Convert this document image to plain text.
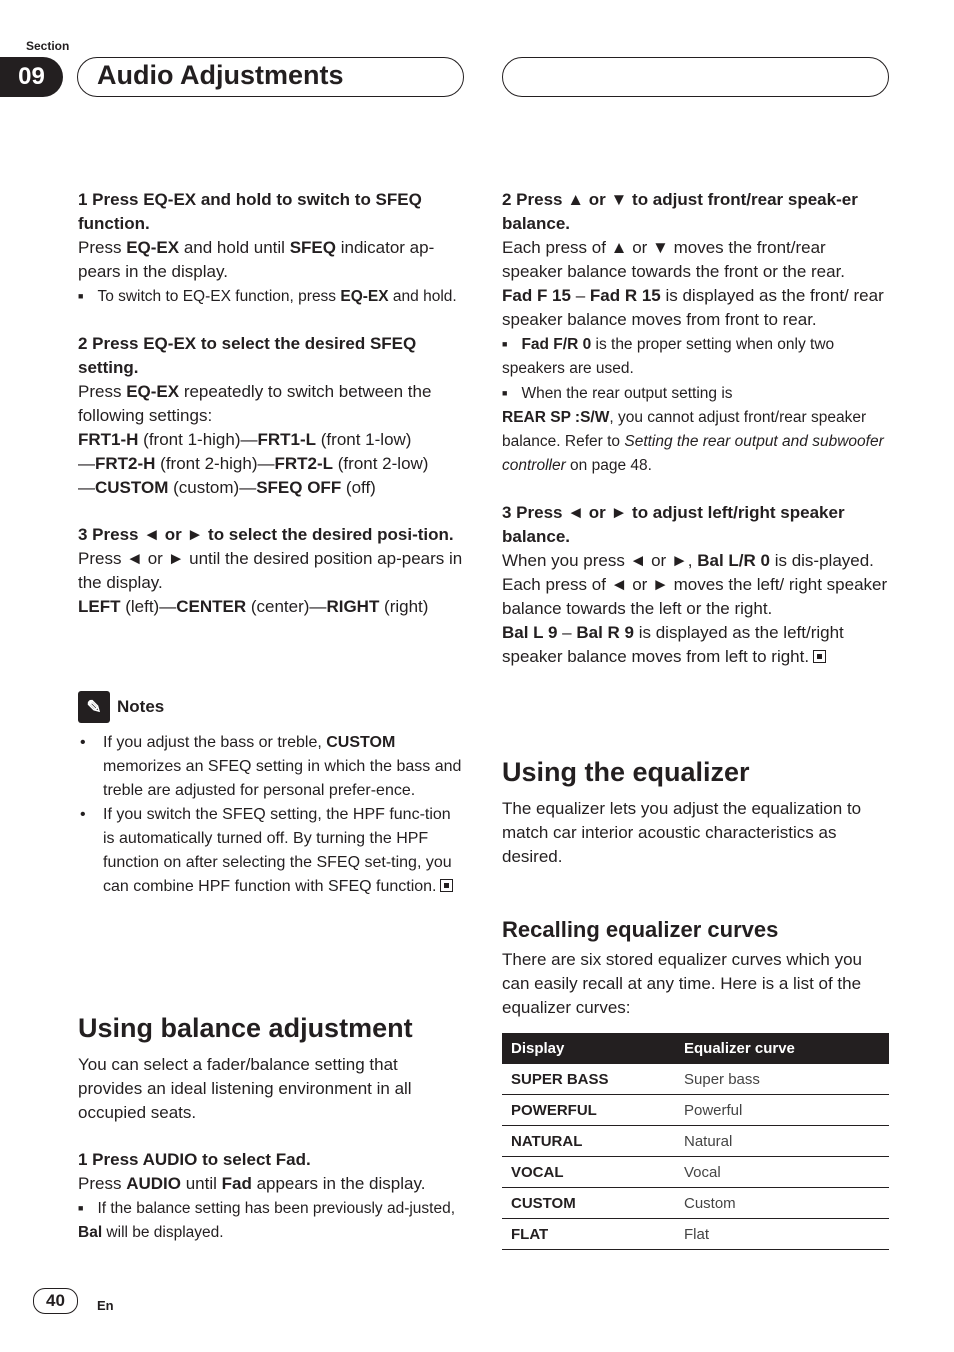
Section
09	Audio Adjustments

1 Press EQ-EX and hold to switch to SFEQ function.

Press EQ-EX and hold until SFEQ indicator ap-pears in the display.

■ To switch to EQ-EX function, press EQ-EX and hold.

2 Press EQ-EX to select the desired SFEQ setting.

Press EQ-EX repeatedly to switch between the following settings:

FRT1-H (front 1-high)—FRT1-L (front 1-low)

—FRT2-H (front 2-high)—FRT2-L (front 2-low)

—CUSTOM (custom)—SFEQ OFF (off)

3 Press ◄ or ► to select the desired posi-tion.

Press ◄ or ► until the desired position ap-pears in the display.

LEFT (left)—CENTER (center)—RIGHT (right)

✎ Notes
• If you adjust the bass or treble, CUSTOM memorizes an SFEQ setting in which the bass and treble are adjusted for personal prefer-ence.
• If you switch the SFEQ setting, the HPF func-tion is automatically turned off. By turning the HPF function on after selecting the SFEQ set-ting, you can combine HPF function with SFEQ function.
Using balance adjustment

You can select a fader/balance setting that provides an ideal listening environment in all occupied seats.

1 Press AUDIO to select Fad.

Press AUDIO until Fad appears in the display.

■ If the balance setting has been previously ad-justed, Bal will be displayed.

2 Press ▲ or ▼ to adjust front/rear speak-er balance.

Each press of ▲ or ▼ moves the front/rear speaker balance towards the front or the rear.

Fad F 15 – Fad R 15 is displayed as the front/ rear speaker balance moves from front to rear.

■ Fad F/R 0 is the proper setting when only two speakers are used.

■ When the rear output setting is
REAR SP :S/W, you cannot adjust front/rear speaker balance. Refer to Setting the rear output and subwoofer controller on page 48.

3 Press ◄ or ► to adjust left/right speaker balance.

When you press ◄ or ►, Bal L/R 0 is dis-played. Each press of ◄ or ► moves the left/ right speaker balance towards the left or the right.

Bal L 9 – Bal R 9 is displayed as the left/right speaker balance moves from left to right.

Using the equalizer

The equalizer lets you adjust the equalization to match car interior acoustic characteristics as desired.

Recalling equalizer curves

There are six stored equalizer curves which you can easily recall at any time. Here is a list of the equalizer curves:

Display	Equalizer curve
SUPER BASS	Super bass
POWERFUL	Powerful
NATURAL	Natural
VOCAL	Vocal
CUSTOM	Custom
FLAT	Flat
40	En
